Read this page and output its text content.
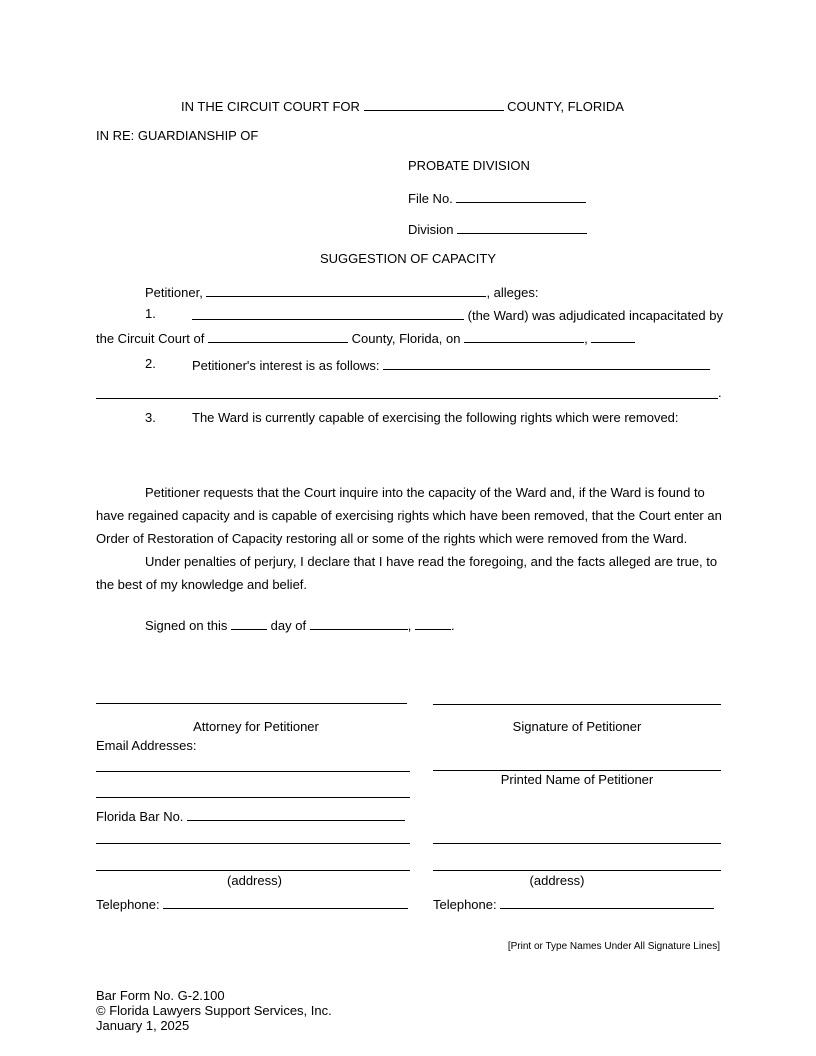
IN THE CIRCUIT COURT FOR	COUNTY, FLORIDA
IN RE: GUARDIANSHIP OF
PROBATE DIVISION
File No.
Division
SUGGESTION OF CAPACITY
Petitioner,	, alleges:
1.	(the Ward) was adjudicated incapacitated by
the Circuit Court of	County, Florida, on	,
2.	Petitioner's interest is as follows:
.
3.	The Ward is currently capable of exercising the following rights which were removed:
Petitioner requests that the Court inquire into the capacity of the Ward and, if the Ward is found to
have regained capacity and is capable of exercising rights which have been removed, that the Court enter an
Order of Restoration of Capacity restoring all or some of the rights which were removed from the Ward.
Under penalties of perjury, I declare that I have read the foregoing, and the facts alleged are true, to
the best of my knowledge and belief.
Signed on this	day of	,	.
Attorney for Petitioner
Email Addresses:
Florida Bar No.
(address)
Telephone:
Signature of Petitioner
Printed Name of Petitioner
(address)
Telephone:
[Print or Type Names Under All Signature Lines]
Bar Form No. G-2.100
© Florida Lawyers Support Services, Inc.
January 1, 2025
